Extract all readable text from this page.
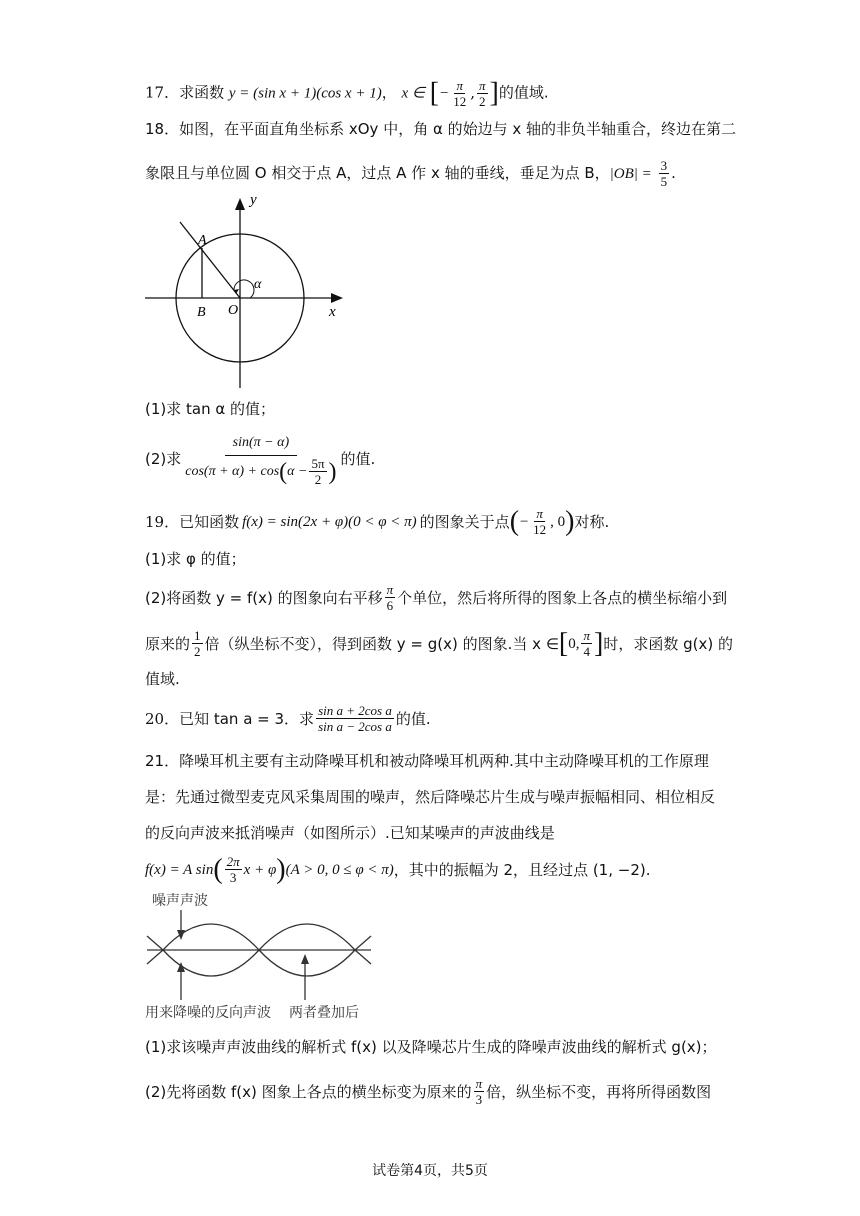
17．求函数 y = (sin x + 1)(cos x + 1)， x ∈ [− $\frac{\pi}{12}$ , $\frac{\pi}{2}$ ]的值域.
18．如图，在平面直角坐标系 xOy 中，角 α 的始边与 x 轴的非负半轴重合，终边在第二
象限且与单位圆 O 相交于点 A，过点 A 作 x 轴的垂线，垂足为点 B，$|OB| = \frac{3}{5}$ .
y
x
A
B O
α
(1)求 tan α 的值；
(2)求 $\frac{\sin(\pi - \alpha)}{\cos(\pi + \alpha) + \cos ( \alpha - \frac{5\pi}{2} )}$ 的值.
19． 已知函数 f(x) = sin(2x + φ)(0 < φ < π) 的图象关于点 ( − $\frac{\pi}{12}$ , 0 ) 对称.
(1)求 φ 的值；
(2)将函数 y = f(x) 的图象向右平移 $\frac{\pi}{6}$ 个单位，然后将所得的图象上各点的横坐标缩小到
原来的 $\frac{1}{2}$ 倍（纵坐标不变），得到函数 y = g(x) 的图象.当 x ∈ [ 0, $\frac{\pi}{4}$ ] 时，求函数 g(x) 的
值域.
20． 已知 tan a = 3．求 $\frac{\text{sin a + 2cos a}}{\text{sin a − 2cos a}}$ 的值.
21．降噪耳机主要有主动降噪耳机和被动降噪耳机两种.其中主动降噪耳机的工作原理
是：先通过微型麦克风采集周围的噪声，然后降噪芯片生成与噪声振幅相同、相位相反
的反向声波来抵消噪声（如图所示）.已知某噪声的声波曲线是
f(x) = A sin ( $\frac{2\pi}{3}$ x + φ ) (A > 0, 0 ≤ φ < π) ，其中的振幅为 2，且经过点 (1, −2).
噪声声波
用来降噪的反向声波 两者叠加后
(1)求该噪声声波曲线的解析式 f(x) 以及降噪芯片生成的降噪声波曲线的解析式 g(x)；
(2)先将函数 f(x) 图象上各点的横坐标变为原来的 $\frac{\pi}{3}$ 倍，纵坐标不变，再将所得函数图
试卷第4页，共5页
